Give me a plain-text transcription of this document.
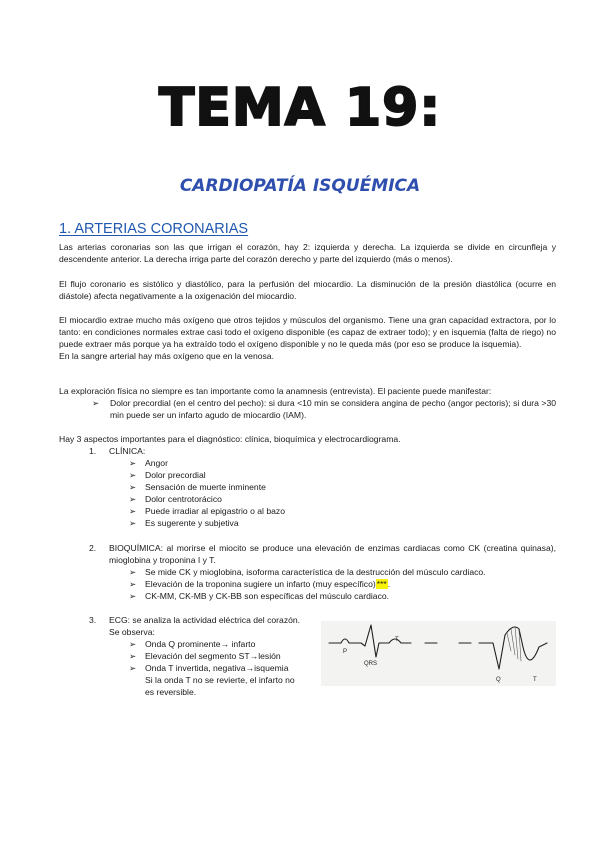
TEMA 19:
CARDIOPATÍA ISQUÉMICA
1. ARTERIAS CORONARIAS
Las arterias coronarias son las que irrigan el corazón, hay 2: izquierda y derecha. La izquierda se divide en circunfleja y descendente anterior. La derecha irriga parte del corazón derecho y parte del izquierdo (más o menos).
El flujo coronario es sistólico y diastólico, para la perfusión del miocardio. La disminución de la presión diastólica (ocurre en diástole) afecta negativamente a la oxigenación del miocardio.
El miocardio extrae mucho más oxígeno que otros tejidos y músculos del organismo. Tiene una gran capacidad extractora, por lo tanto: en condiciones normales extrae casi todo el oxígeno disponible (es capaz de extraer todo); y en isquemia (falta de riego) no puede extraer más porque ya ha extraído todo el oxígeno disponible y no le queda más (por eso se produce la isquemia).
En la sangre arterial hay más oxígeno que en la venosa.
La exploración física no siempre es tan importante como la anamnesis (entrevista). El paciente puede manifestar:
➢	Dolor precordial (en el centro del pecho): si dura <10 min se considera angina de pecho (angor pectoris); si dura >30 min puede ser un infarto agudo de miocardio (IAM).
Hay 3 aspectos importantes para el diagnóstico: clínica, bioquímica y electrocardiograma.
1. CLÍNICA:
➢ Angor
➢ Dolor precordial
➢ Sensación de muerte inminente
➢ Dolor centrotorácico
➢ Puede irradiar al epigastrio o al bazo
➢ Es sugerente y subjetiva
2. BIOQUÍMICA: al morirse el miocito se produce una elevación de enzimas cardiacas como CK (creatina quinasa), mioglobina y troponina I y T.
➢ Se mide CK y mioglobina, isoforma característica de la destrucción del músculo cardiaco.
➢ Elevación de la troponina sugiere un infarto (muy específico)***.
➢ CK-MM, CK-MB y CK-BB son específicas del músculo cardiaco.
3. ECG: se analiza la actividad eléctrica del corazón.
Se observa:
➢ Onda Q prominente→ infarto
➢ Elevación del segmento ST→lesión
➢ Onda T invertida, negativa→isquemia
Si la onda T no se revierte, el infarto no
es reversible.
P
QRS
T
Q	T
